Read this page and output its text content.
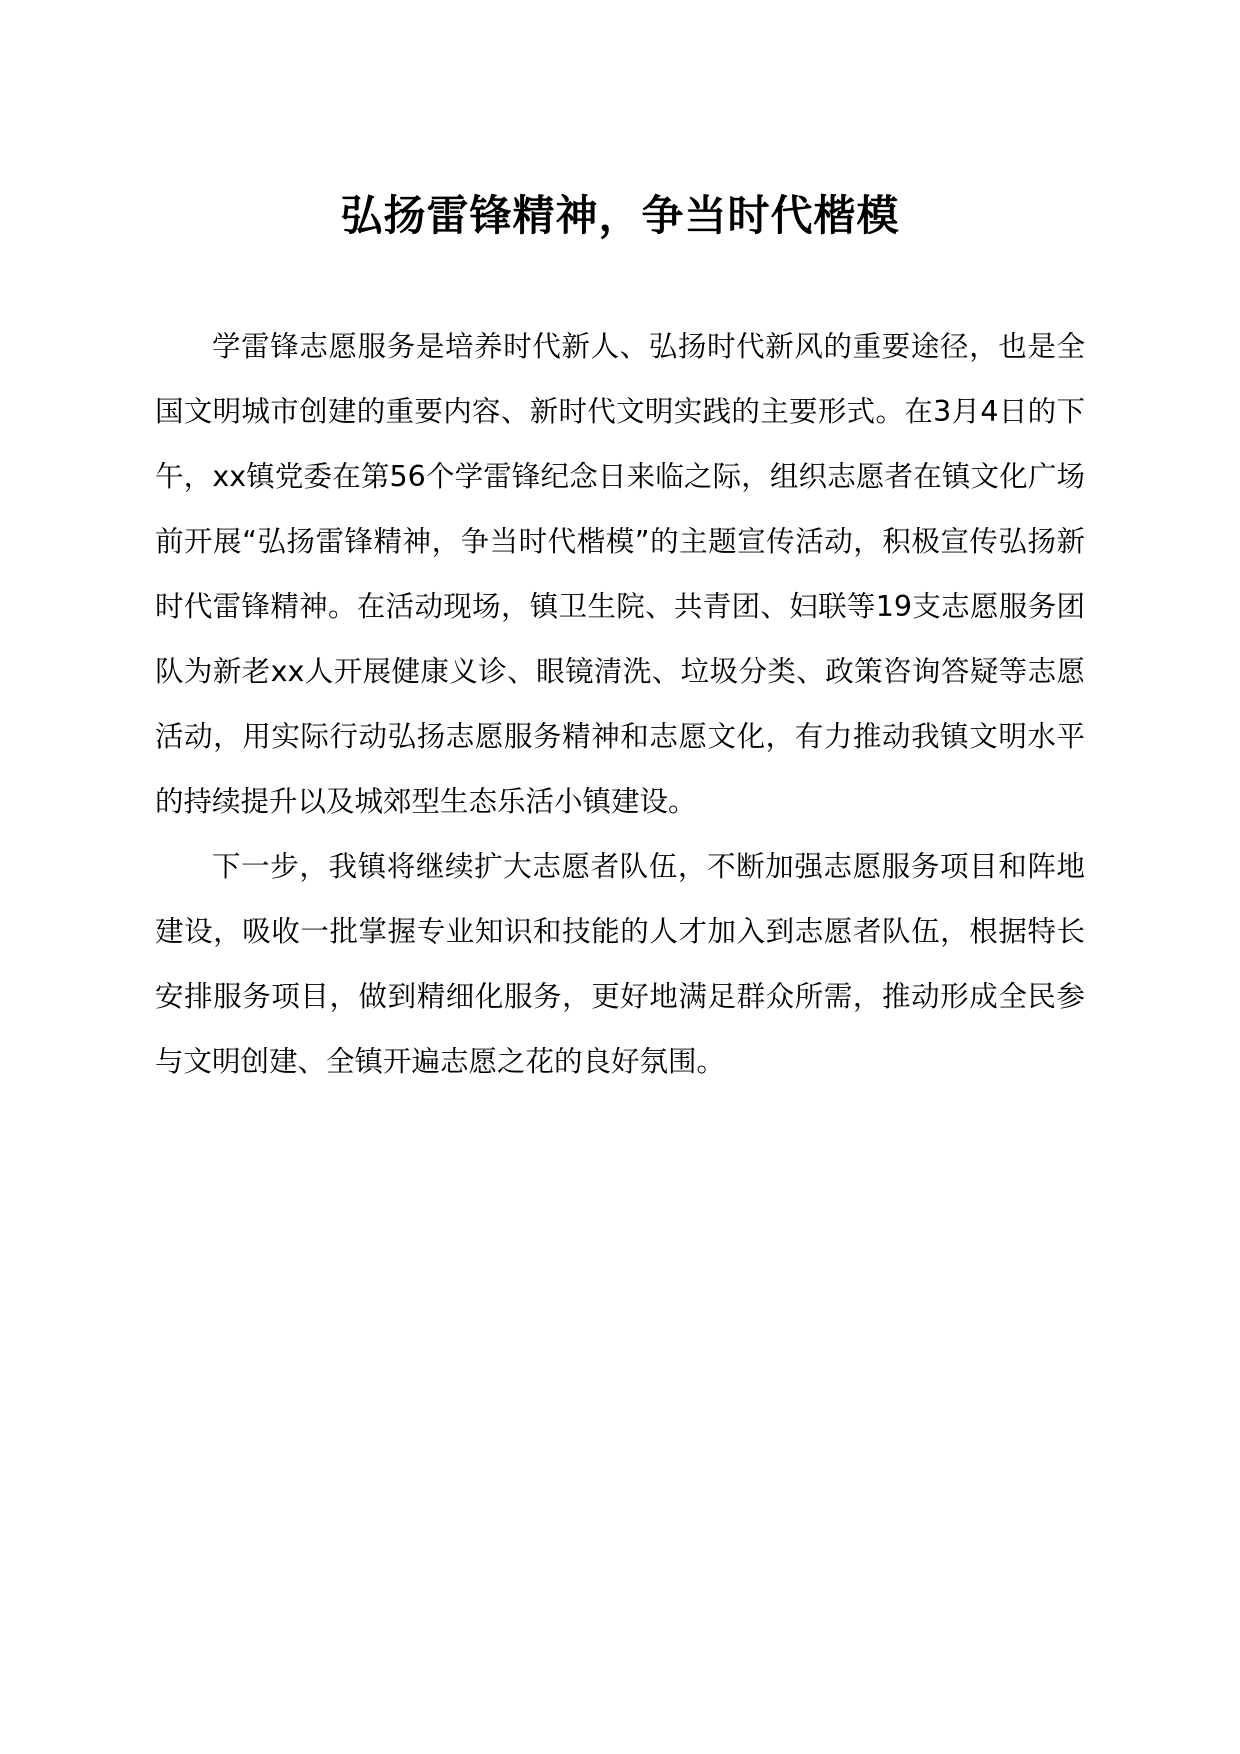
弘扬雷锋精神，争当时代楷模

学雷锋志愿服务是培养时代新人、弘扬时代新风的重要途径，也是全国文明城市创建的重要内容、新时代文明实践的主要形式。在3月4日的下午，xx镇党委在第56个学雷锋纪念日来临之际，组织志愿者在镇文化广场前开展“弘扬雷锋精神，争当时代楷模”的主题宣传活动，积极宣传弘扬新时代雷锋精神。在活动现场，镇卫生院、共青团、妇联等19支志愿服务团队为新老xx人开展健康义诊、眼镜清洗、垃圾分类、政策咨询答疑等志愿活动，用实际行动弘扬志愿服务精神和志愿文化，有力推动我镇文明水平的持续提升以及城郊型生态乐活小镇建设。

下一步，我镇将继续扩大志愿者队伍，不断加强志愿服务项目和阵地建设，吸收一批掌握专业知识和技能的人才加入到志愿者队伍，根据特长安排服务项目，做到精细化服务，更好地满足群众所需，推动形成全民参与文明创建、全镇开遍志愿之花的良好氛围。
